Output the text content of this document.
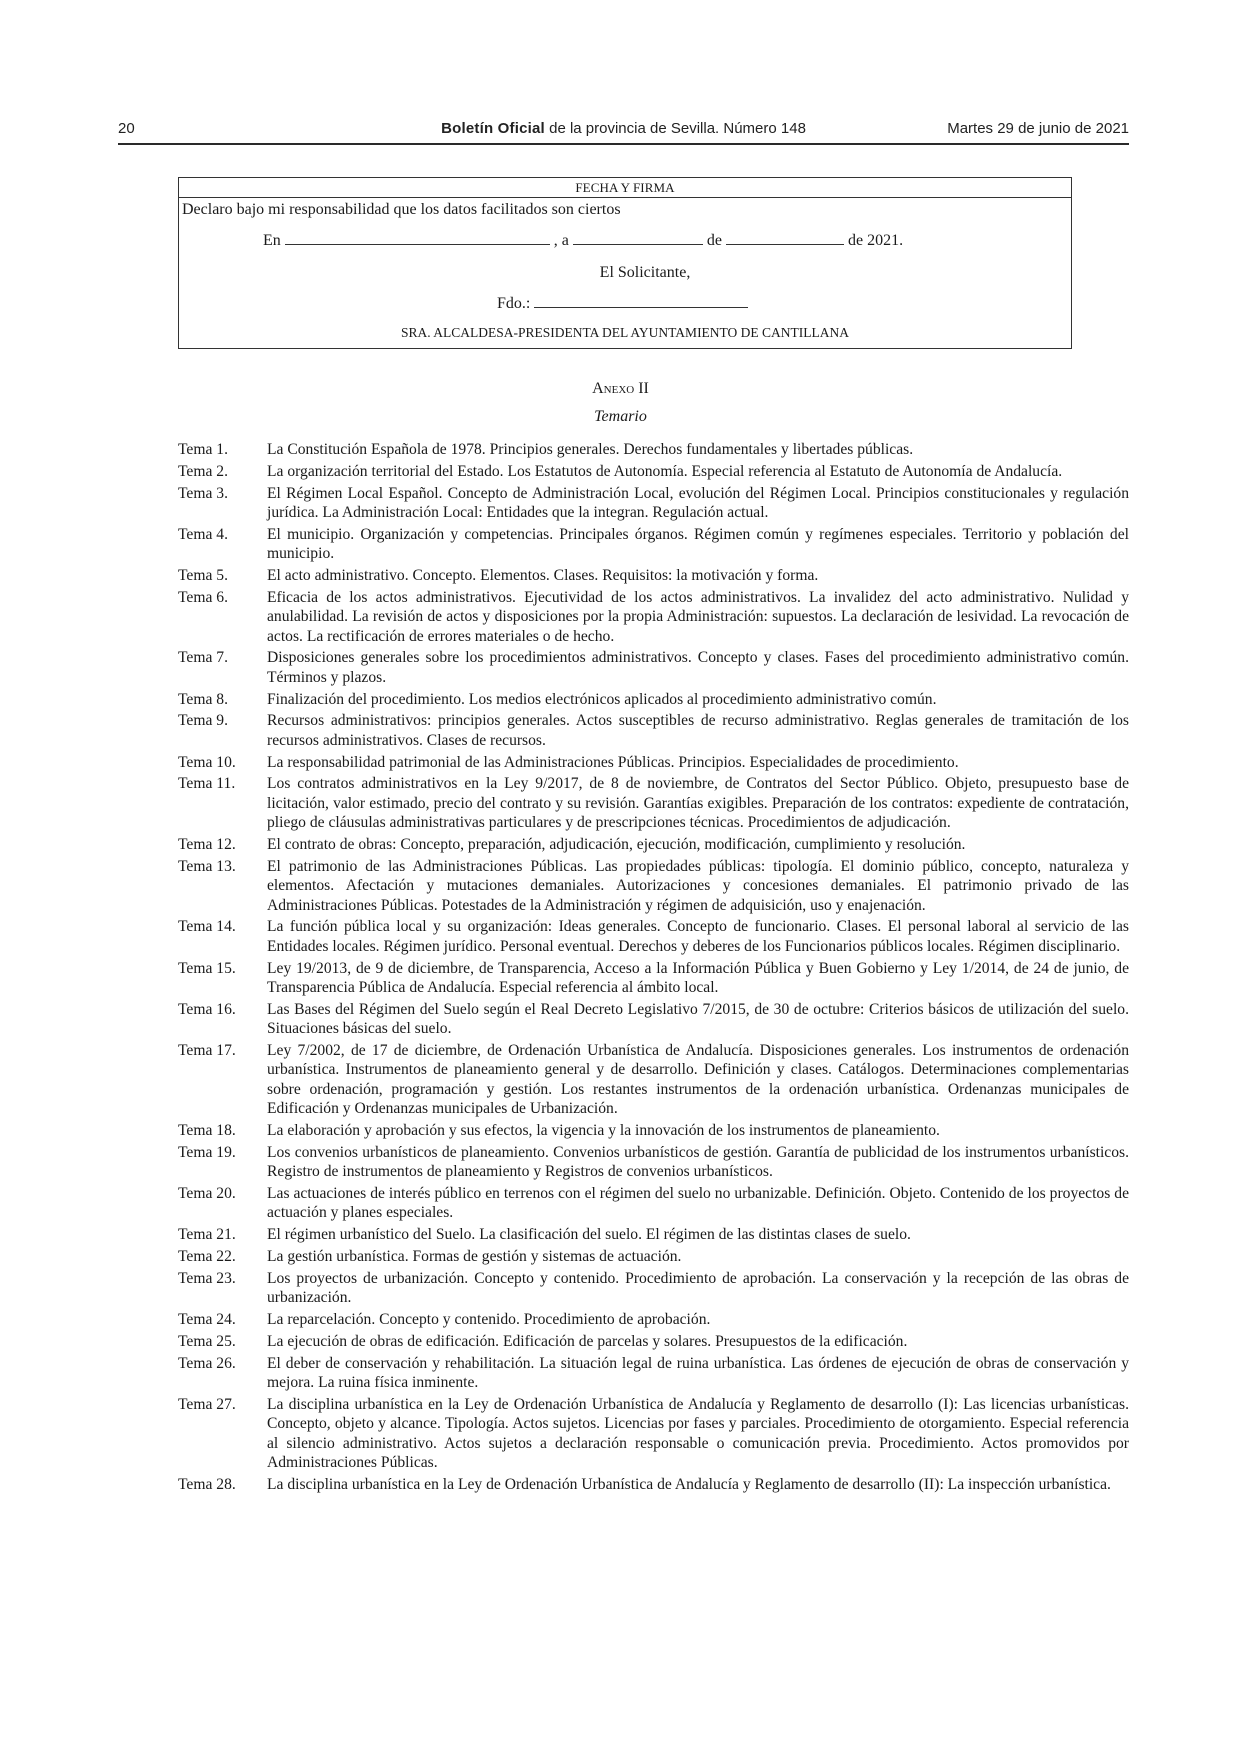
20	Boletín Oficial de la provincia de Sevilla. Número 148	Martes 29 de junio de 2021
FECHA Y FIRMA
Declaro bajo mi responsabilidad que los datos facilitados son ciertos
En	, a	de	de 2021.
El Solicitante,
Fdo.:
SRA. ALCALDESA-PRESIDENTA DEL AYUNTAMIENTO DE CANTILLANA
Anexo II
Temario
Tema 1.	La Constitución Española de 1978. Principios generales. Derechos fundamentales y libertades públicas.
Tema 2.	La organización territorial del Estado. Los Estatutos de Autonomía. Especial referencia al Estatuto de Autonomía de Andalucía.
Tema 3.	El Régimen Local Español. Concepto de Administración Local, evolución del Régimen Local. Principios constitucionales y regulación jurídica. La Administración Local: Entidades que la integran. Regulación actual.
Tema 4.	El municipio. Organización y competencias. Principales órganos. Régimen común y regímenes especiales. Territorio y población del municipio.
Tema 5.	El acto administrativo. Concepto. Elementos. Clases. Requisitos: la motivación y forma.
Tema 6.	Eficacia de los actos administrativos. Ejecutividad de los actos administrativos. La invalidez del acto administrativo. Nulidad y anulabilidad. La revisión de actos y disposiciones por la propia Administración: supuestos. La declaración de lesividad. La revocación de actos. La rectificación de errores materiales o de hecho.
Tema 7.	Disposiciones generales sobre los procedimientos administrativos. Concepto y clases. Fases del procedimiento administrativo común. Términos y plazos.
Tema 8.	Finalización del procedimiento. Los medios electrónicos aplicados al procedimiento administrativo común.
Tema 9.	Recursos administrativos: principios generales. Actos susceptibles de recurso administrativo. Reglas generales de tramitación de los recursos administrativos. Clases de recursos.
Tema 10.	La responsabilidad patrimonial de las Administraciones Públicas. Principios. Especialidades de procedimiento.
Tema 11.	Los contratos administrativos en la Ley 9/2017, de 8 de noviembre, de Contratos del Sector Público. Objeto, presupuesto base de licitación, valor estimado, precio del contrato y su revisión. Garantías exigibles. Preparación de los contratos: expediente de contratación, pliego de cláusulas administrativas particulares y de prescripciones técnicas. Procedimientos de adjudicación.
Tema 12.	El contrato de obras: Concepto, preparación, adjudicación, ejecución, modificación, cumplimiento y resolución.
Tema 13.	El patrimonio de las Administraciones Públicas. Las propiedades públicas: tipología. El dominio público, concepto, naturaleza y elementos. Afectación y mutaciones demaniales. Autorizaciones y concesiones demaniales. El patrimonio privado de las Administraciones Públicas. Potestades de la Administración y régimen de adquisición, uso y enajenación.
Tema 14.	La función pública local y su organización: Ideas generales. Concepto de funcionario. Clases. El personal laboral al servicio de las Entidades locales. Régimen jurídico. Personal eventual. Derechos y deberes de los Funcionarios públicos locales. Régimen disciplinario.
Tema 15.	Ley 19/2013, de 9 de diciembre, de Transparencia, Acceso a la Información Pública y Buen Gobierno y Ley 1/2014, de 24 de junio, de Transparencia Pública de Andalucía. Especial referencia al ámbito local.
Tema 16.	Las Bases del Régimen del Suelo según el Real Decreto Legislativo 7/2015, de 30 de octubre: Criterios básicos de utilización del suelo. Situaciones básicas del suelo.
Tema 17.	Ley 7/2002, de 17 de diciembre, de Ordenación Urbanística de Andalucía. Disposiciones generales. Los instrumentos de ordenación urbanística. Instrumentos de planeamiento general y de desarrollo. Definición y clases. Catálogos. Determinaciones complementarias sobre ordenación, programación y gestión. Los restantes instrumentos de la ordenación urbanística. Ordenanzas municipales de Edificación y Ordenanzas municipales de Urbanización.
Tema 18.	La elaboración y aprobación y sus efectos, la vigencia y la innovación de los instrumentos de planeamiento.
Tema 19.	Los convenios urbanísticos de planeamiento. Convenios urbanísticos de gestión. Garantía de publicidad de los instrumentos urbanísticos. Registro de instrumentos de planeamiento y Registros de convenios urbanísticos.
Tema 20.	Las actuaciones de interés público en terrenos con el régimen del suelo no urbanizable. Definición. Objeto. Contenido de los proyectos de actuación y planes especiales.
Tema 21.	El régimen urbanístico del Suelo. La clasificación del suelo. El régimen de las distintas clases de suelo.
Tema 22.	La gestión urbanística. Formas de gestión y sistemas de actuación.
Tema 23.	Los proyectos de urbanización. Concepto y contenido. Procedimiento de aprobación. La conservación y la recepción de las obras de urbanización.
Tema 24.	La reparcelación. Concepto y contenido. Procedimiento de aprobación.
Tema 25.	La ejecución de obras de edificación. Edificación de parcelas y solares. Presupuestos de la edificación.
Tema 26.	El deber de conservación y rehabilitación. La situación legal de ruina urbanística. Las órdenes de ejecución de obras de conservación y mejora. La ruina física inminente.
Tema 27.	La disciplina urbanística en la Ley de Ordenación Urbanística de Andalucía y Reglamento de desarrollo (I): Las licencias urbanísticas. Concepto, objeto y alcance. Tipología. Actos sujetos. Licencias por fases y parciales. Procedimiento de otorgamiento. Especial referencia al silencio administrativo. Actos sujetos a declaración responsable o comunicación previa. Procedimiento. Actos promovidos por Administraciones Públicas.
Tema 28.	La disciplina urbanística en la Ley de Ordenación Urbanística de Andalucía y Reglamento de desarrollo (II): La inspección urbanística.
